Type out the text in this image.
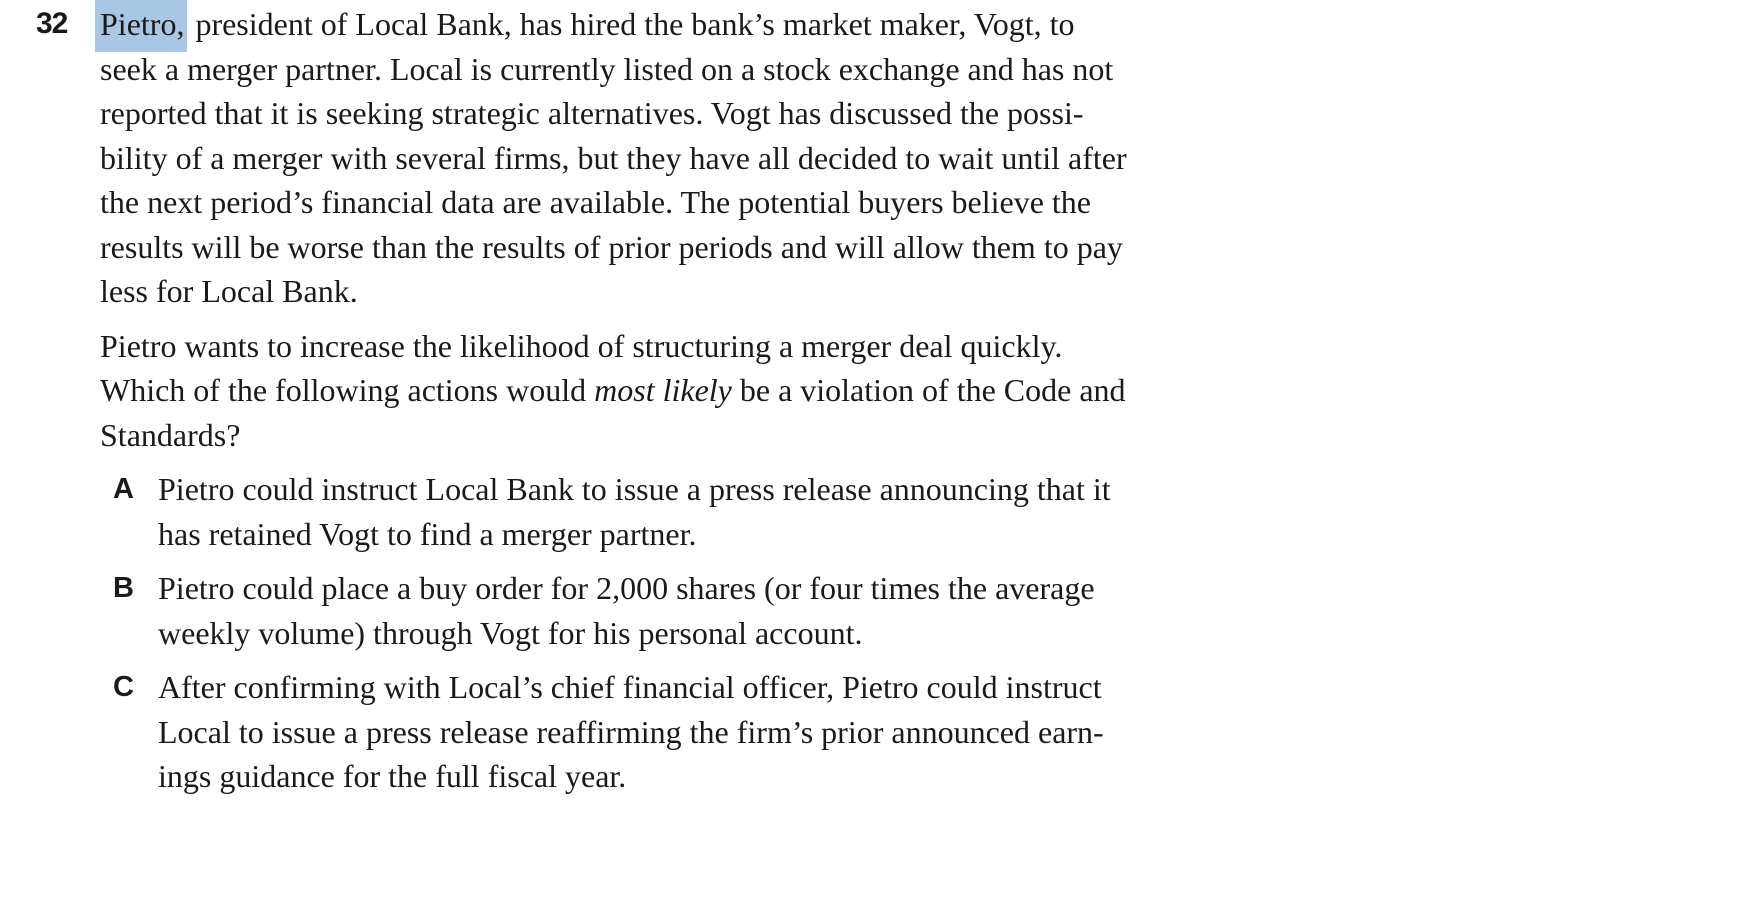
32	Pietro, president of Local Bank, has hired the bank’s market maker, Vogt, to
seek a merger partner. Local is currently listed on a stock exchange and has not
reported that it is seeking strategic alternatives. Vogt has discussed the possi-
bility of a merger with several firms, but they have all decided to wait until after
the next period’s financial data are available. The potential buyers believe the
results will be worse than the results of prior periods and will allow them to pay
less for Local Bank.
Pietro wants to increase the likelihood of structuring a merger deal quickly.
Which of the following actions would most likely be a violation of the Code and
Standards?
A Pietro could instruct Local Bank to issue a press release announcing that it
has retained Vogt to find a merger partner.
B Pietro could place a buy order for 2,000 shares (or four times the average
weekly volume) through Vogt for his personal account.
C After confirming with Local’s chief financial officer, Pietro could instruct
Local to issue a press release reaffirming the firm’s prior announced earn-
ings guidance for the full fiscal year.
